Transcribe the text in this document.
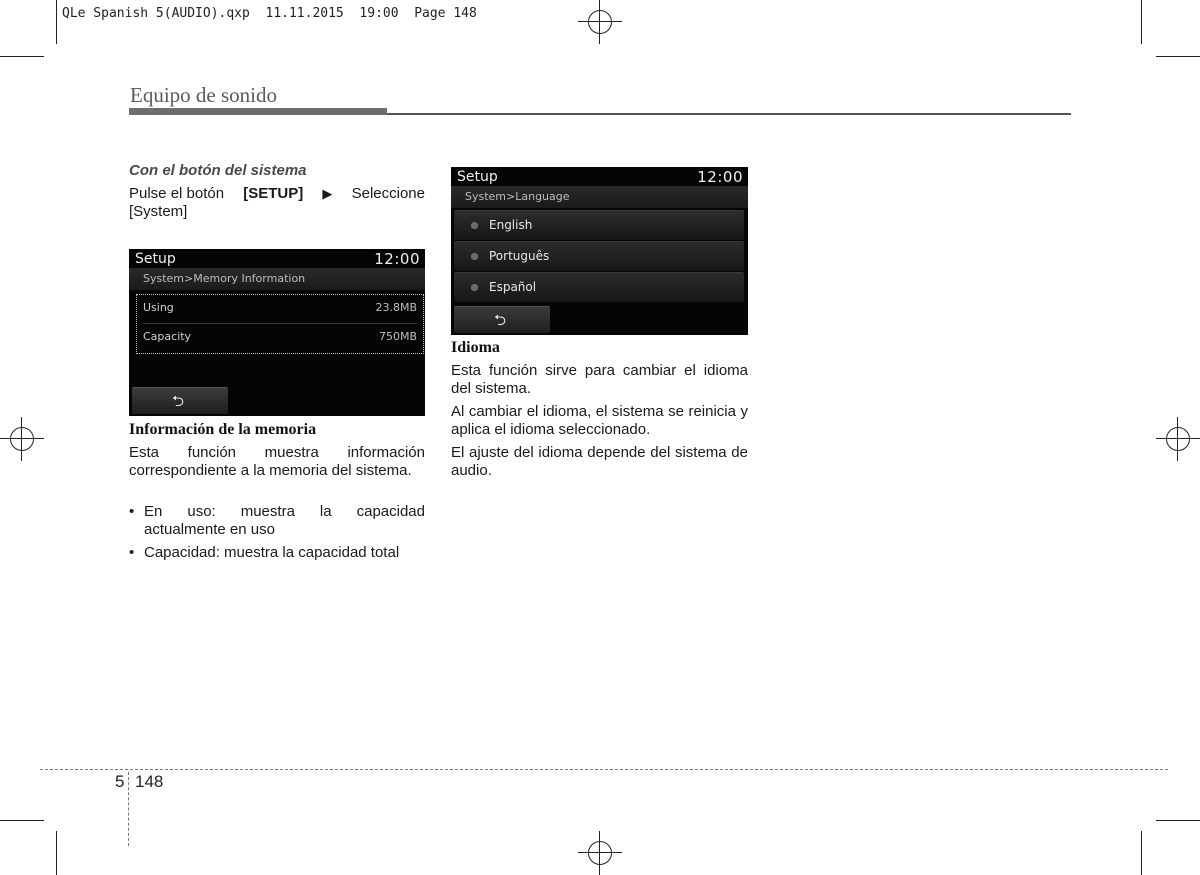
QLe Spanish 5(AUDIO).qxp  11.11.2015  19:00  Page 148
Equipo de sonido
Con el botón del sistema
Pulse el botón [SETUP] ▶ Seleccione
[System]
Setup	12:00
System>Memory Information
Using	23.8MB
Capacity	750MB
⮌
Información de la memoria
Esta función muestra información correspondiente a la memoria del sistema.
• En uso: muestra la capacidad actualmente en uso
• Capacidad: muestra la capacidad total
Setup	12:00
System>Language
English
Português
Español
⮌
Idioma
Esta función sirve para cambiar el idioma del sistema.
Al cambiar el idioma, el sistema se reinicia y aplica el idioma seleccionado.
El ajuste del idioma depende del sistema de audio.
5 148
